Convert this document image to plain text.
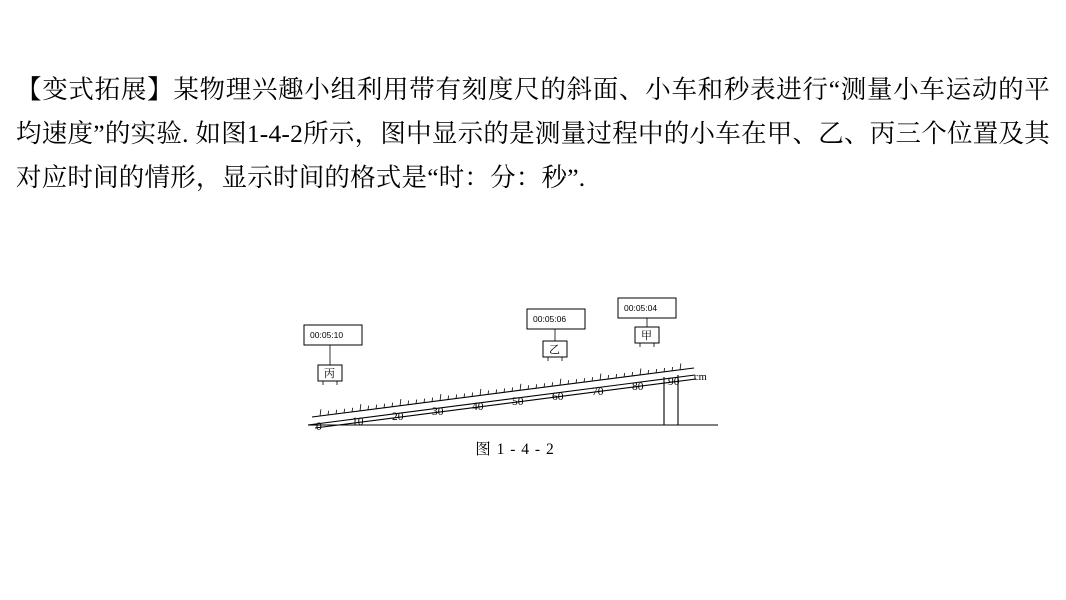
【变式拓展】某物理兴趣小组利用带有刻度尺的斜面、小车和秒表进行“测量小车运动的平均速度”的实验. 如图1-4-2所示，图中显示的是测量过程中的小车在甲、乙、丙三个位置及其对应时间的情形，显示时间的格式是“时：分：秒”.

0	10 20 30 40 50 60 70 80 90 cm
丙
00:05:10
乙
00:05:06
甲
00:05:04
图 1 - 4 - 2
